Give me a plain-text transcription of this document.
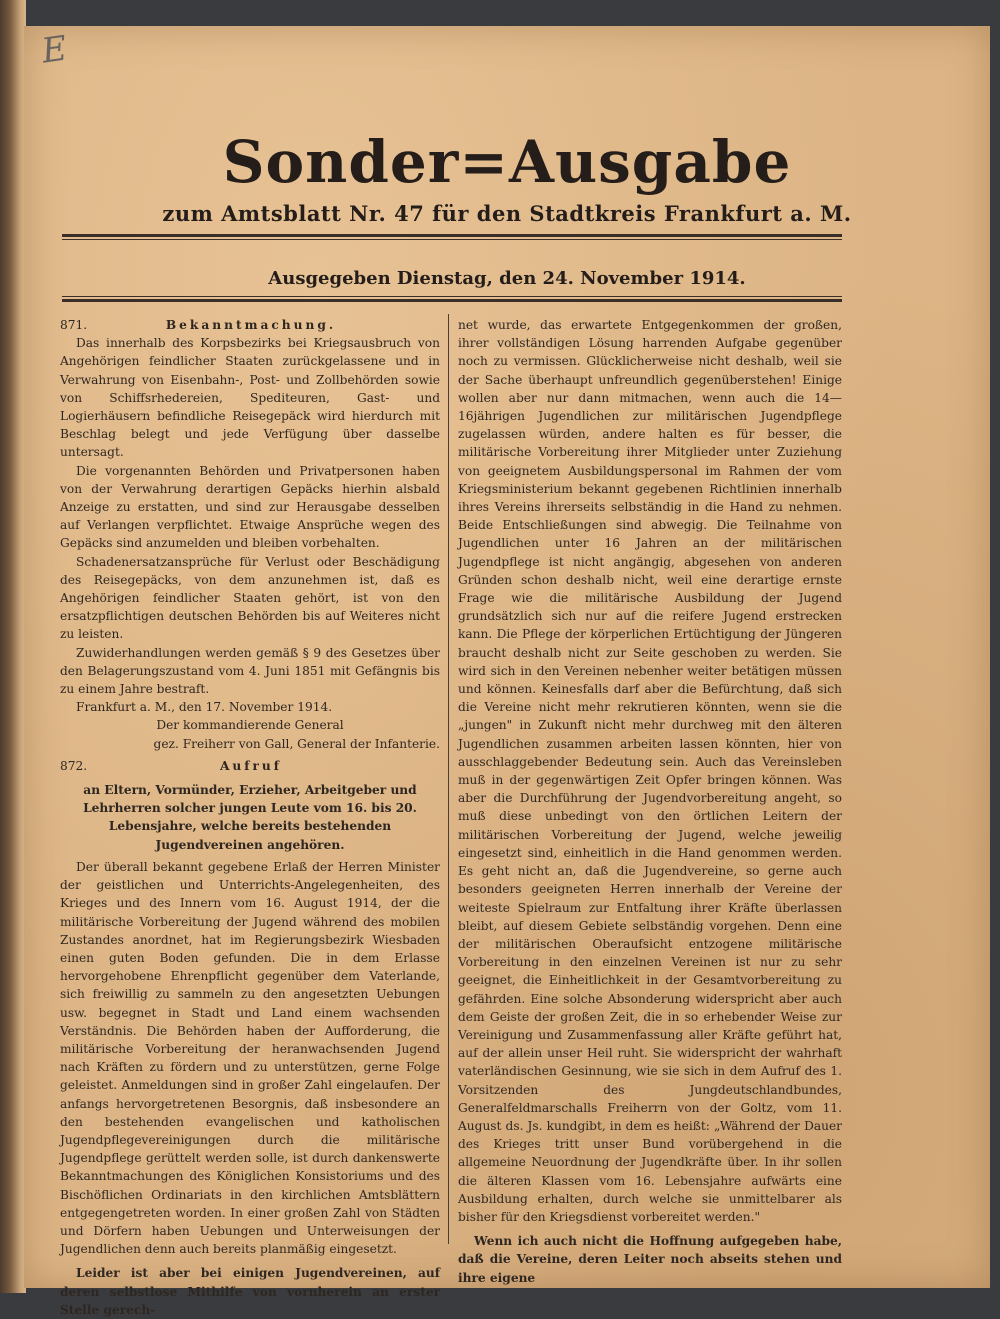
E
Sonder=Ausgabe
zum Amtsblatt Nr. 47 für den Stadtkreis Frankfurt a. M.
Ausgegeben Dienstag, den 24. November 1914.
871.	Bekanntmachung.

Das innerhalb des Korpsbezirks bei Kriegsausbruch von Angehörigen feindlicher Staaten zurückgelassene und in Verwahrung von Eisenbahn-, Post- und Zollbehörden sowie von Schiffsrhedereien, Spediteuren, Gast- und Logierhäusern befindliche Reisegepäck wird hierdurch mit Beschlag belegt und jede Verfügung über dasselbe untersagt.

Die vorgenannten Behörden und Privatpersonen haben von der Verwahrung derartigen Gepäcks hierhin alsbald Anzeige zu erstatten, und sind zur Herausgabe desselben auf Verlangen verpflichtet. Etwaige Ansprüche wegen des Gepäcks sind anzumelden und bleiben vorbehalten.

Schadenersatzansprüche für Verlust oder Beschädigung des Reisegepäcks, von dem anzunehmen ist, daß es Angehörigen feindlicher Staaten gehört, ist von den ersatzpflichtigen deutschen Behörden bis auf Weiteres nicht zu leisten.

Zuwiderhandlungen werden gemäß § 9 des Gesetzes über den Belagerungszustand vom 4. Juni 1851 mit Gefängnis bis zu einem Jahre bestraft.

Frankfurt a. M., den 17. November 1914.

Der kommandierende General

gez. Freiherr von Gall, General der Infanterie.

872.	Aufruf

an Eltern, Vormünder, Erzieher, Arbeitgeber und Lehrherren solcher jungen Leute vom 16. bis 20. Lebensjahre, welche bereits bestehenden Jugendvereinen angehören.

Der überall bekannt gegebene Erlaß der Herren Minister der geistlichen und Unterrichts-Angelegenheiten, des Krieges und des Innern vom 16. August 1914, der die militärische Vorbereitung der Jugend während des mobilen Zustandes anordnet, hat im Regierungsbezirk Wiesbaden einen guten Boden gefunden. Die in dem Erlasse hervorgehobene Ehrenpflicht gegenüber dem Vaterlande, sich freiwillig zu sammeln zu den angesetzten Uebungen usw. begegnet in Stadt und Land einem wachsenden Verständnis. Die Behörden haben der Aufforderung, die militärische Vorbereitung der heranwachsenden Jugend nach Kräften zu fördern und zu unterstützen, gerne Folge geleistet. Anmeldungen sind in großer Zahl eingelaufen. Der anfangs hervorgetretenen Besorgnis, daß insbesondere an den bestehenden evangelischen und katholischen Jugendpflegevereinigungen durch die militärische Jugendpflege gerüttelt werden solle, ist durch dankenswerte Bekanntmachungen des Königlichen Konsistoriums und des Bischöflichen Ordinariats in den kirchlichen Amtsblättern entgegengetreten worden. In einer großen Zahl von Städten und Dörfern haben Uebungen und Unterweisungen der Jugendlichen denn auch bereits planmäßig eingesetzt.

Leider ist aber bei einigen Jugendvereinen, auf deren selbstlose Mithilfe von vornherein an erster Stelle gerech-

net wurde, das erwartete Entgegenkommen der großen, ihrer vollständigen Lösung harrenden Aufgabe gegenüber noch zu vermissen. Glücklicherweise nicht deshalb, weil sie der Sache überhaupt unfreundlich gegenüberstehen! Einige wollen aber nur dann mitmachen, wenn auch die 14—16jährigen Jugendlichen zur militärischen Jugendpflege zugelassen würden, andere halten es für besser, die militärische Vorbereitung ihrer Mitglieder unter Zuziehung von geeignetem Ausbildungspersonal im Rahmen der vom Kriegsministerium bekannt gegebenen Richtlinien innerhalb ihres Vereins ihrerseits selbständig in die Hand zu nehmen. Beide Entschließungen sind abwegig. Die Teilnahme von Jugendlichen unter 16 Jahren an der militärischen Jugendpflege ist nicht angängig, abgesehen von anderen Gründen schon deshalb nicht, weil eine derartige ernste Frage wie die militärische Ausbildung der Jugend grundsätzlich sich nur auf die reifere Jugend erstrecken kann. Die Pflege der körperlichen Ertüchtigung der Jüngeren braucht deshalb nicht zur Seite geschoben zu werden. Sie wird sich in den Vereinen nebenher weiter betätigen müssen und können. Keinesfalls darf aber die Befürchtung, daß sich die Vereine nicht mehr rekrutieren könnten, wenn sie die „jungen" in Zukunft nicht mehr durchweg mit den älteren Jugendlichen zusammen arbeiten lassen könnten, hier von ausschlaggebender Bedeutung sein. Auch das Vereinsleben muß in der gegenwärtigen Zeit Opfer bringen können. Was aber die Durchführung der Jugendvorbereitung angeht, so muß diese unbedingt von den örtlichen Leitern der militärischen Vorbereitung der Jugend, welche jeweilig eingesetzt sind, einheitlich in die Hand genommen werden. Es geht nicht an, daß die Jugendvereine, so gerne auch besonders geeigneten Herren innerhalb der Vereine der weiteste Spielraum zur Entfaltung ihrer Kräfte überlassen bleibt, auf diesem Gebiete selbständig vorgehen. Denn eine der militärischen Oberaufsicht entzogene militärische Vorbereitung in den einzelnen Vereinen ist nur zu sehr geeignet, die Einheitlichkeit in der Gesamtvorbereitung zu gefährden. Eine solche Absonderung widerspricht aber auch dem Geiste der großen Zeit, die in so erhebender Weise zur Vereinigung und Zusammenfassung aller Kräfte geführt hat, auf der allein unser Heil ruht. Sie widerspricht der wahrhaft vaterländischen Gesinnung, wie sie sich in dem Aufruf des 1. Vorsitzenden des Jungdeutschlandbundes, Generalfeldmarschalls Freiherrn von der Goltz, vom 11. August ds. Js. kundgibt, in dem es heißt: „Während der Dauer des Krieges tritt unser Bund vorübergehend in die allgemeine Neuordnung der Jugendkräfte über. In ihr sollen die älteren Klassen vom 16. Lebensjahre aufwärts eine Ausbildung erhalten, durch welche sie unmittelbarer als bisher für den Kriegsdienst vorbereitet werden."

Wenn ich auch nicht die Hoffnung aufgegeben habe, daß die Vereine, deren Leiter noch abseits stehen und ihre eigene
